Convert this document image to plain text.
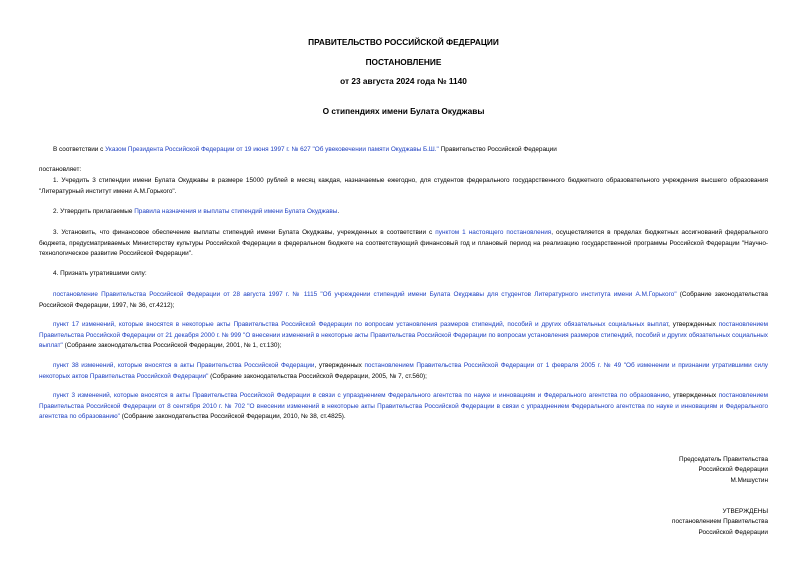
ПРАВИТЕЛЬСТВО РОССИЙСКОЙ ФЕДЕРАЦИИ
ПОСТАНОВЛЕНИЕ
от 23 августа 2024 года № 1140
О стипендиях имени Булата Окуджавы

В соответствии с Указом Президента Российской Федерации от 19 июня 1997 г. № 627 "Об увековечении памяти Окуджавы Б.Ш." Правительство Российской Федерации

постановляет:

1. Учредить 3 стипендии имени Булата Окуджавы в размере 15000 рублей в месяц каждая, назначаемые ежегодно, для студентов федерального государственного бюджетного образовательного учреждения высшего образования "Литературный институт имени А.М.Горького".

2. Утвердить прилагаемые Правила назначения и выплаты стипендий имени Булата Окуджавы.

3. Установить, что финансовое обеспечение выплаты стипендий имени Булата Окуджавы, учрежденных в соответствии с пунктом 1 настоящего постановления, осуществляется в пределах бюджетных ассигнований федерального бюджета, предусматриваемых Министерству культуры Российской Федерации в федеральном бюджете на соответствующий финансовый год и плановый период на реализацию государственной программы Российской Федерации "Научно-технологическое развитие Российской Федерации".

4. Признать утратившими силу:

постановление Правительства Российской Федерации от 28 августа 1997 г. № 1115 "Об учреждении стипендий имени Булата Окуджавы для студентов Литературного института имени А.М.Горького" (Собрание законодательства Российской Федерации, 1997, № 36, ст.4212);

пункт 17 изменений, которые вносятся в некоторые акты Правительства Российской Федерации по вопросам установления размеров стипендий, пособий и других обязательных социальных выплат, утвержденных постановлением Правительства Российской Федерации от 21 декабря 2000 г. № 999 "О внесении изменений в некоторые акты Правительства Российской Федерации по вопросам установления размеров стипендий, пособий и других обязательных социальных выплат" (Собрание законодательства Российской Федерации, 2001, № 1, ст.130);

пункт 38 изменений, которые вносятся в акты Правительства Российской Федерации, утвержденных постановлением Правительства Российской Федерации от 1 февраля 2005 г. № 49 "Об изменении и признании утратившими силу некоторых актов Правительства Российской Федерации" (Собрание законодательства Российской Федерации, 2005, № 7, ст.560);

пункт 3 изменений, которые вносятся в акты Правительства Российской Федерации в связи с упразднением Федерального агентства по науке и инновациям и Федерального агентства по образованию, утвержденных постановлением Правительства Российской Федерации от 8 сентября 2010 г. № 702 "О внесении изменений в некоторые акты Правительства Российской Федерации в связи с упразднением Федерального агентства по науке и инновациям и Федерального агентства по образованию" (Собрание законодательства Российской Федерации, 2010, № 38, ст.4825).

Председатель Правительства
Российской Федерации
М.Мишустин
УТВЕРЖДЕНЫ
постановлением Правительства
Российской Федерации
